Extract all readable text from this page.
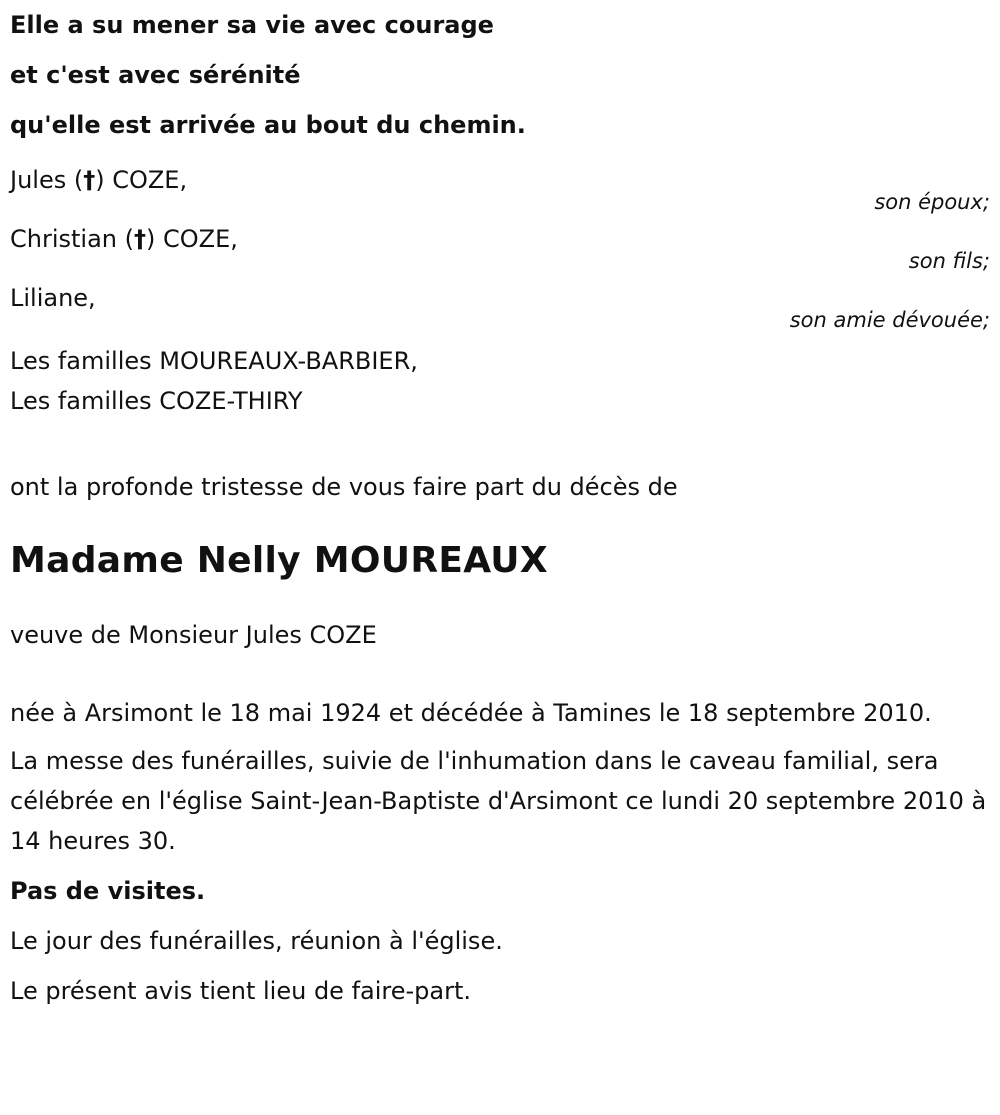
Elle a su mener sa vie avec courage
et c'est avec sérénité
qu'elle est arrivée au bout du chemin.
Jules (†) COZE,
son époux;
Christian (†) COZE,
son fils;
Liliane,
son amie dévouée;
Les familles MOUREAUX-BARBIER,
Les familles COZE-THIRY
ont la profonde tristesse de vous faire part du décès de
Madame Nelly MOUREAUX
veuve de Monsieur Jules COZE
née à Arsimont le 18 mai 1924 et décédée à Tamines le 18 septembre 2010.
La messe des funérailles, suivie de l'inhumation dans le caveau familial, sera célébrée en l'église Saint-Jean-Baptiste d'Arsimont ce lundi 20 septembre 2010 à 14 heures 30.
Pas de visites.
Le jour des funérailles, réunion à l'église.
Le présent avis tient lieu de faire-part.
